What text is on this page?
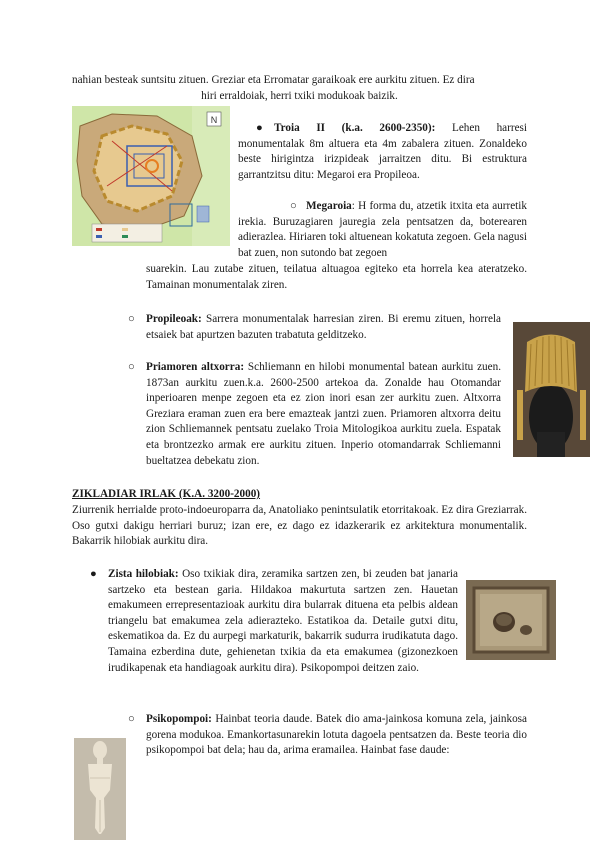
nahian besteak suntsitu zituen. Greziar eta Erromatar garaikoak ere aurkitu zituen. Ez dira
hiri erraldoiak, herri txiki modukoak baizik.
N
●	Troia II (k.a. 2600-2350): Lehen harresi monumentalak 8m altuera eta 4m zabalera zituen. Zonaldeko beste hirigintza irizpideak jarraitzen ditu. Bi estruktura garrantzitsu ditu: Megaroi era Propileoa.
○ Megaroia: H forma du, atzetik itxita eta aurretik irekia. Buruzagiaren jauregia zela pentsatzen da, boterearen adierazlea. Hiriaren toki altuenean kokatuta zegoen. Gela nagusi bat zuen, non sutondo bat zegoen
suarekin. Lau zutabe zituen, teilatua altuagoa egiteko eta horrela kea ateratzeko. Tamainan monumentalak ziren.
○ Propileoak: Sarrera monumentalak harresian ziren. Bi eremu zituen, horrela etsaiek bat apurtzen bazuten trabatuta gelditzeko.
○ Priamoren altxorra: Schliemann en hilobi monumental batean aurkitu zuen. 1873an aurkitu zuen.k.a. 2600-2500 artekoa da. Zonalde hau Otomandar inperioaren menpe zegoen eta ez zion inori esan zer aurkitu zuen. Altxorra Greziara eraman zuen era bere emazteak jantzi zuen. Priamoren altxorra deitu zion Schliemannek pentsatu zuelako Troia Mitologikoa aurkitu zuela. Espatak eta brontzezko armak ere aurkitu zituen. Inperio otomandarrak Schliemanni bueltatzea debekatu zion.
ZIKLADIAR IRLAK (K.A. 3200-2000)
Ziurrenik herrialde proto-indoeuroparra da, Anatoliako penintsulatik etorritakoak. Ez dira Greziarrak. Oso gutxi dakigu herriari buruz; izan ere, ez dago ez idazkerarik ez arkitektura monumentalik. Bakarrik hilobiak aurkitu dira.
● Zista hilobiak: Oso txikiak dira, zeramika sartzen zen, bi zeuden bat janaria sartzeko eta bestean garia. Hildakoa makurtuta sartzen zen. Hauetan emakumeen errepresentazioak aurkitu dira bularrak dituena eta pelbis aldean triangelu bat emakumea zela adierazteko. Estatikoa da. Detaile gutxi ditu, eskematikoa da. Ez du aurpegi markaturik, bakarrik sudurra irudikatuta dago. Tamaina ezberdina dute, gehienetan txikia da eta emakumea (gizonezkoen irudikapenak eta handiagoak aurkitu dira). Psikopompoi deitzen zaio.
○ Psikopompoi: Hainbat teoria daude. Batek dio ama-jainkosa komuna zela, jainkosa gorena modukoa. Emankortasunarekin lotuta dagoela pentsatzen da. Beste teoria dio psikopompoi bat dela; hau da, arima eramailea. Hainbat fase daude:
